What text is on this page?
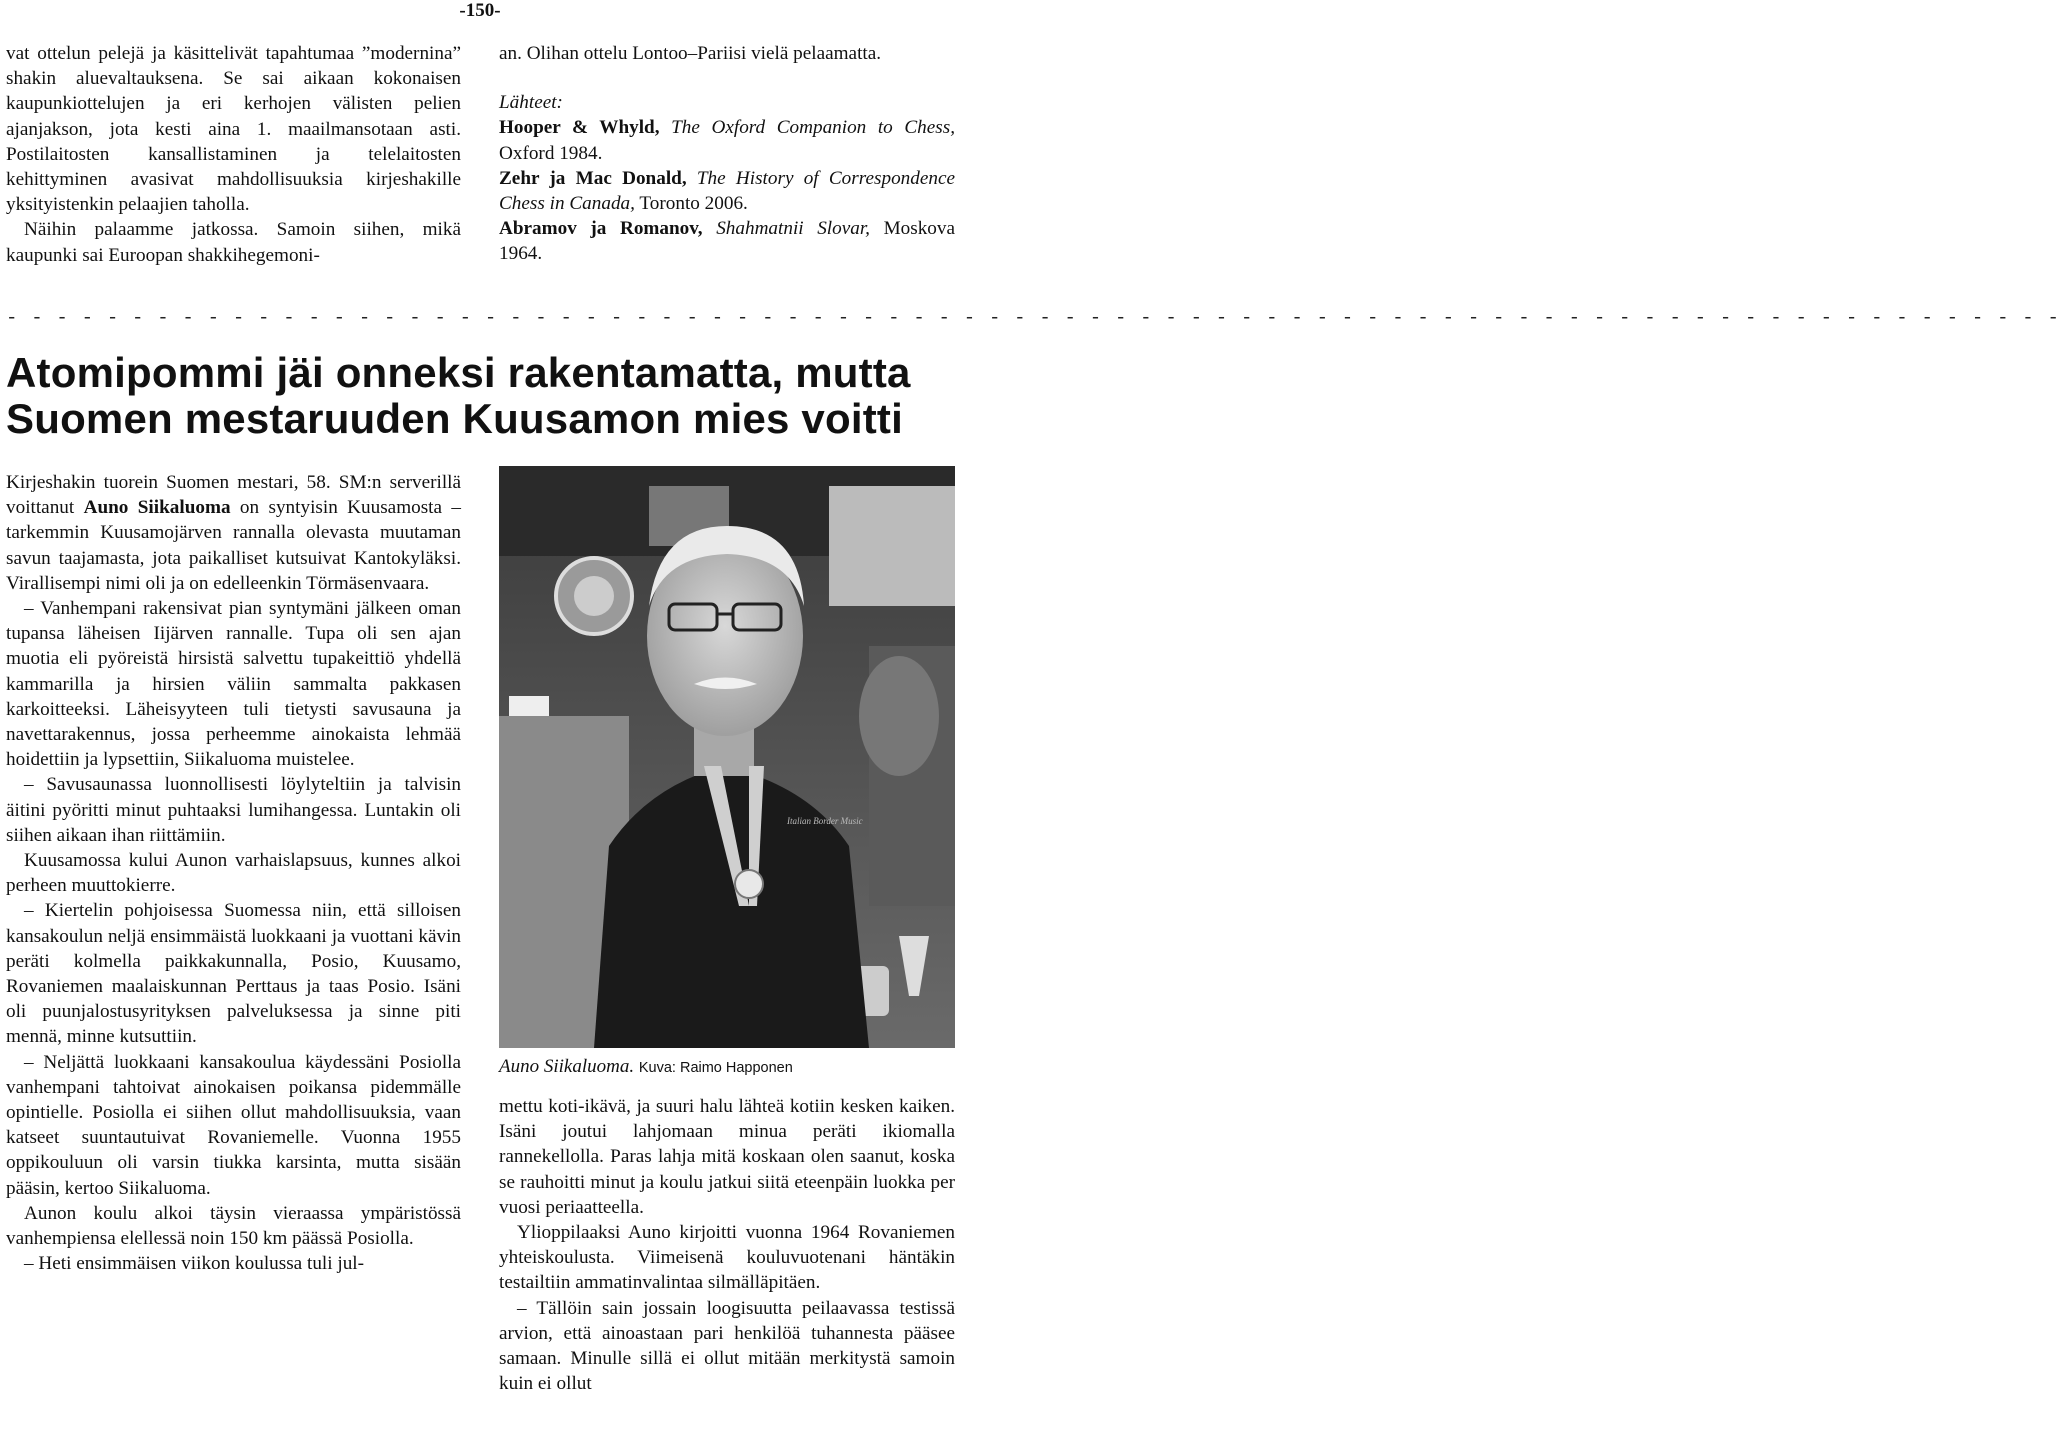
-150-

vat ottelun pelejä ja käsittelivät tapahtumaa ”modernina” shakin aluevaltauksena. Se sai aikaan kokonaisen kaupunkiottelujen ja eri kerhojen välisten pelien ajanjakson, jota kesti aina 1. maailmansotaan asti. Postilaitosten kansallistaminen ja telelaitosten kehittyminen avasivat mahdollisuuksia kirjeshakille yksityistenkin pelaajien taholla.

Näihin palaamme jatkossa. Samoin siihen, mikä kaupunki sai Euroopan shakkihegemoni-

an. Olihan ottelu Lontoo–Pariisi vielä pelaamatta.

Lähteet:

Hooper & Whyld, The Oxford Companion to Chess, Oxford 1984.

Zehr ja Mac Donald, The History of Correspondence Chess in Canada, Toronto 2006.

Abramov ja Romanov, Shahmatnii Slovar, Moskova 1964.

- - - - - - - - - - - - - - - - - - - - - - - - - - - - - - - - - - - - - - - - - - - - - - - - - - - - - - - - - - - - - - - - - - - - - - - - - - - - - - - - - -
Atomipommi jäi onneksi rakentamatta, mutta
Suomen mestaruuden Kuusamon mies voitti

Kirjeshakin tuorein Suomen mestari, 58. SM:n serverillä voittanut Auno Siikaluoma on syntyisin Kuusamosta – tarkemmin Kuusamojärven rannalla olevasta muutaman savun taajamasta, jota paikalliset kutsuivat Kantokyläksi. Virallisempi nimi oli ja on edelleenkin Törmäsenvaara.

– Vanhempani rakensivat pian syntymäni jälkeen oman tupansa läheisen Iijärven rannalle. Tupa oli sen ajan muotia eli pyöreistä hirsistä salvettu tupakeittiö yhdellä kammarilla ja hirsien väliin sammalta pakkasen karkoitteeksi. Läheisyyteen tuli tietysti savusauna ja navettarakennus, jossa perheemme ainokaista lehmää hoidettiin ja lypsettiin, Siikaluoma muistelee.

– Savusaunassa luonnollisesti löylyteltiin ja talvisin äitini pyöritti minut puhtaaksi lumihangessa. Luntakin oli siihen aikaan ihan riittämiin.

Kuusamossa kului Aunon varhaislapsuus, kunnes alkoi perheen muuttokierre.

– Kiertelin pohjoisessa Suomessa niin, että silloisen kansakoulun neljä ensimmäistä luokkaani ja vuottani kävin peräti kolmella paikkakunnalla, Posio, Kuusamo, Rovaniemen maalaiskunnan Perttaus ja taas Posio. Isäni oli puunjalostusyrityksen palveluksessa ja sinne piti mennä, minne kutsuttiin.

– Neljättä luokkaani kansakoulua käydessäni Posiolla vanhempani tahtoivat ainokaisen poikansa pidemmälle opintielle. Posiolla ei siihen ollut mahdollisuuksia, vaan katseet suuntautuivat Rovaniemelle. Vuonna 1955 oppikouluun oli varsin tiukka karsinta, mutta sisään pääsin, kertoo Siikaluoma.

Aunon koulu alkoi täysin vieraassa ympäristössä vanhempiensa elellessä noin 150 km päässä Posiolla.

– Heti ensimmäisen viikon koulussa tuli jul-

Italian Border Music
Auno Siikaluoma. Kuva: Raimo Happonen

mettu koti-ikävä, ja suuri halu lähteä kotiin kesken kaiken. Isäni joutui lahjomaan minua peräti ikiomalla rannekellolla. Paras lahja mitä koskaan olen saanut, koska se rauhoitti minut ja koulu jatkui siitä eteenpäin luokka per vuosi periaatteella.

Ylioppilaaksi Auno kirjoitti vuonna 1964 Rovaniemen yhteiskoulusta. Viimeisenä kouluvuotenani häntäkin testailtiin ammatinvalintaa silmälläpitäen.

– Tällöin sain jossain loogisuutta peilaavassa testissä arvion, että ainoastaan pari henkilöä tuhannesta pääsee samaan. Minulle sillä ei ollut mitään merkitystä samoin kuin ei ollut
